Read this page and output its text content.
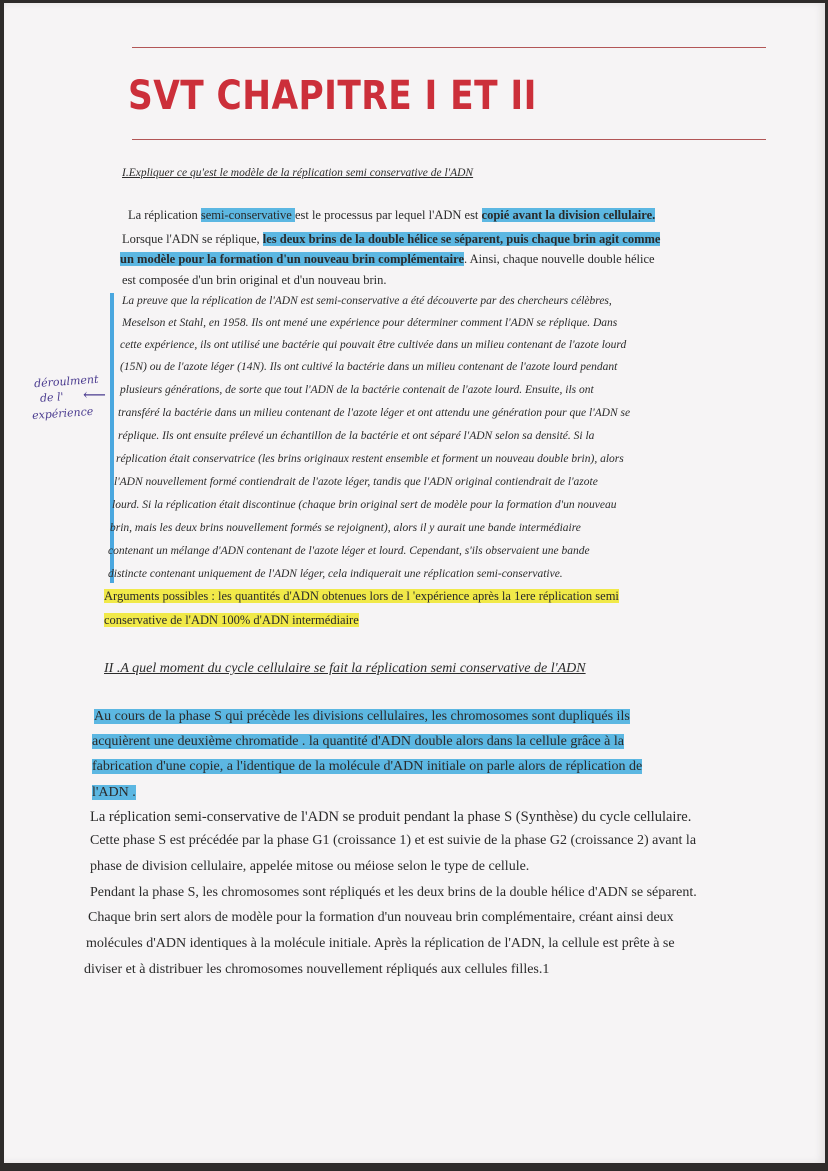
SVT CHAPITRE I ET II
I.Expliquer ce qu'est le modèle de la réplication semi conservative de l'ADN
La réplication semi-conservative est le processus par lequel l'ADN est copié avant la division cellulaire.
Lorsque l'ADN se réplique, les deux brins de la double hélice se séparent, puis chaque brin agit comme
un modèle pour la formation d'un nouveau brin complémentaire. Ainsi, chaque nouvelle double hélice
est composée d'un brin original et d'un nouveau brin.
déroulment
de l'
expérience
⟵
La preuve que la réplication de l'ADN est semi-conservative a été découverte par des chercheurs célèbres,
Meselson et Stahl, en 1958. Ils ont mené une expérience pour déterminer comment l'ADN se réplique. Dans
cette expérience, ils ont utilisé une bactérie qui pouvait être cultivée dans un milieu contenant de l'azote lourd
(15N) ou de l'azote léger (14N). Ils ont cultivé la bactérie dans un milieu contenant de l'azote lourd pendant
plusieurs générations, de sorte que tout l'ADN de la bactérie contenait de l'azote lourd. Ensuite, ils ont
transféré la bactérie dans un milieu contenant de l'azote léger et ont attendu une génération pour que l'ADN se
réplique. Ils ont ensuite prélevé un échantillon de la bactérie et ont séparé l'ADN selon sa densité. Si la
réplication était conservatrice (les brins originaux restent ensemble et forment un nouveau double brin), alors
l'ADN nouvellement formé contiendrait de l'azote léger, tandis que l'ADN original contiendrait de l'azote
lourd. Si la réplication était discontinue (chaque brin original sert de modèle pour la formation d'un nouveau
brin, mais les deux brins nouvellement formés se rejoignent), alors il y aurait une bande intermédiaire
contenant un mélange d'ADN contenant de l'azote léger et lourd. Cependant, s'ils observaient une bande
distincte contenant uniquement de l'ADN léger, cela indiquerait une réplication semi-conservative.
Arguments possibles : les quantités d'ADN obtenues lors de l 'expérience après la 1ere réplication semi
conservative de l'ADN 100% d'ADN intermédiaire
II .A quel moment du cycle cellulaire se fait la réplication semi conservative de l'ADN
Au cours de la phase S qui précède les divisions cellulaires, les chromosomes sont dupliqués ils
acquièrent une deuxième chromatide . la quantité d'ADN double alors dans la cellule grâce à la
fabrication d'une copie, a l'identique de la molécule d'ADN initiale on parle alors de réplication de
l'ADN .
La réplication semi-conservative de l'ADN se produit pendant la phase S (Synthèse) du cycle cellulaire.
Cette phase S est précédée par la phase G1 (croissance 1) et est suivie de la phase G2 (croissance 2) avant la
phase de division cellulaire, appelée mitose ou méiose selon le type de cellule.
Pendant la phase S, les chromosomes sont répliqués et les deux brins de la double hélice d'ADN se séparent.
Chaque brin sert alors de modèle pour la formation d'un nouveau brin complémentaire, créant ainsi deux
molécules d'ADN identiques à la molécule initiale. Après la réplication de l'ADN, la cellule est prête à se
diviser et à distribuer les chromosomes nouvellement répliqués aux cellules filles.1
